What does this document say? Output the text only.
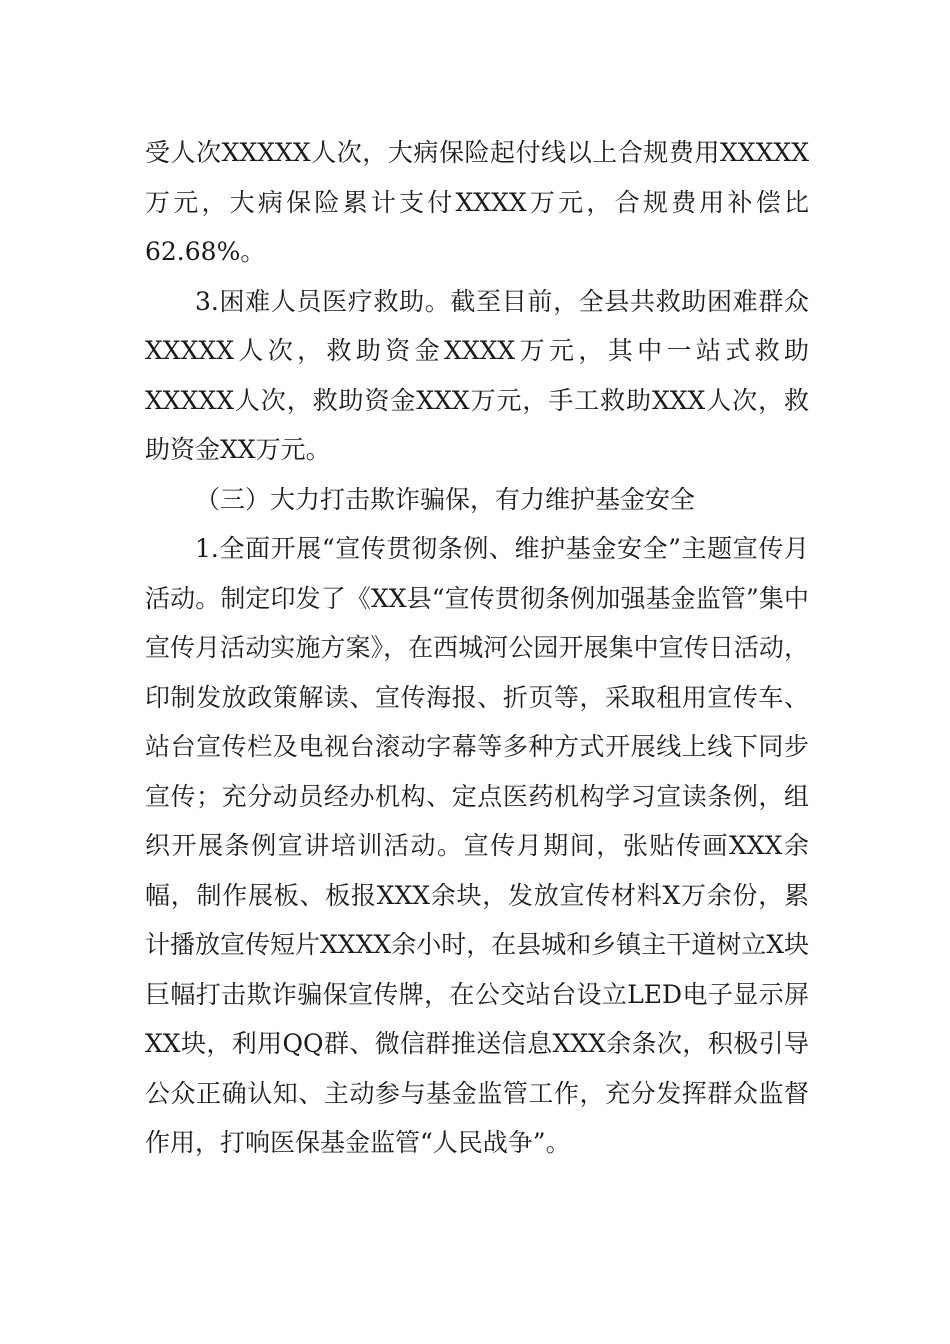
受人次XXXXX人次，大病保险起付线以上合规费用XXXXX万元，大病保险累计支付XXXX万元，合规费用补偿比62.68%。

3.困难人员医疗救助。截至目前，全县共救助困难群众XXXXX人次，救助资金XXXX万元，其中一站式救助XXXXX人次，救助资金XXX万元，手工救助XXX人次，救助资金XX万元。

（三）大力打击欺诈骗保，有力维护基金安全

1.全面开展“宣传贯彻条例、维护基金安全”主题宣传月活动。制定印发了《XX县“宣传贯彻条例加强基金监管”集中宣传月活动实施方案》，在西城河公园开展集中宣传日活动，印制发放政策解读、宣传海报、折页等，采取租用宣传车、站台宣传栏及电视台滚动字幕等多种方式开展线上线下同步宣传；充分动员经办机构、定点医药机构学习宣读条例，组织开展条例宣讲培训活动。宣传月期间，张贴传画XXX余幅，制作展板、板报XXX余块，发放宣传材料X万余份，累计播放宣传短片XXXX余小时，在县城和乡镇主干道树立X块巨幅打击欺诈骗保宣传牌，在公交站台设立LED电子显示屏XX块，利用QQ群、微信群推送信息XXX余条次，积极引导公众正确认知、主动参与基金监管工作，充分发挥群众监督作用，打响医保基金监管“人民战争”。
